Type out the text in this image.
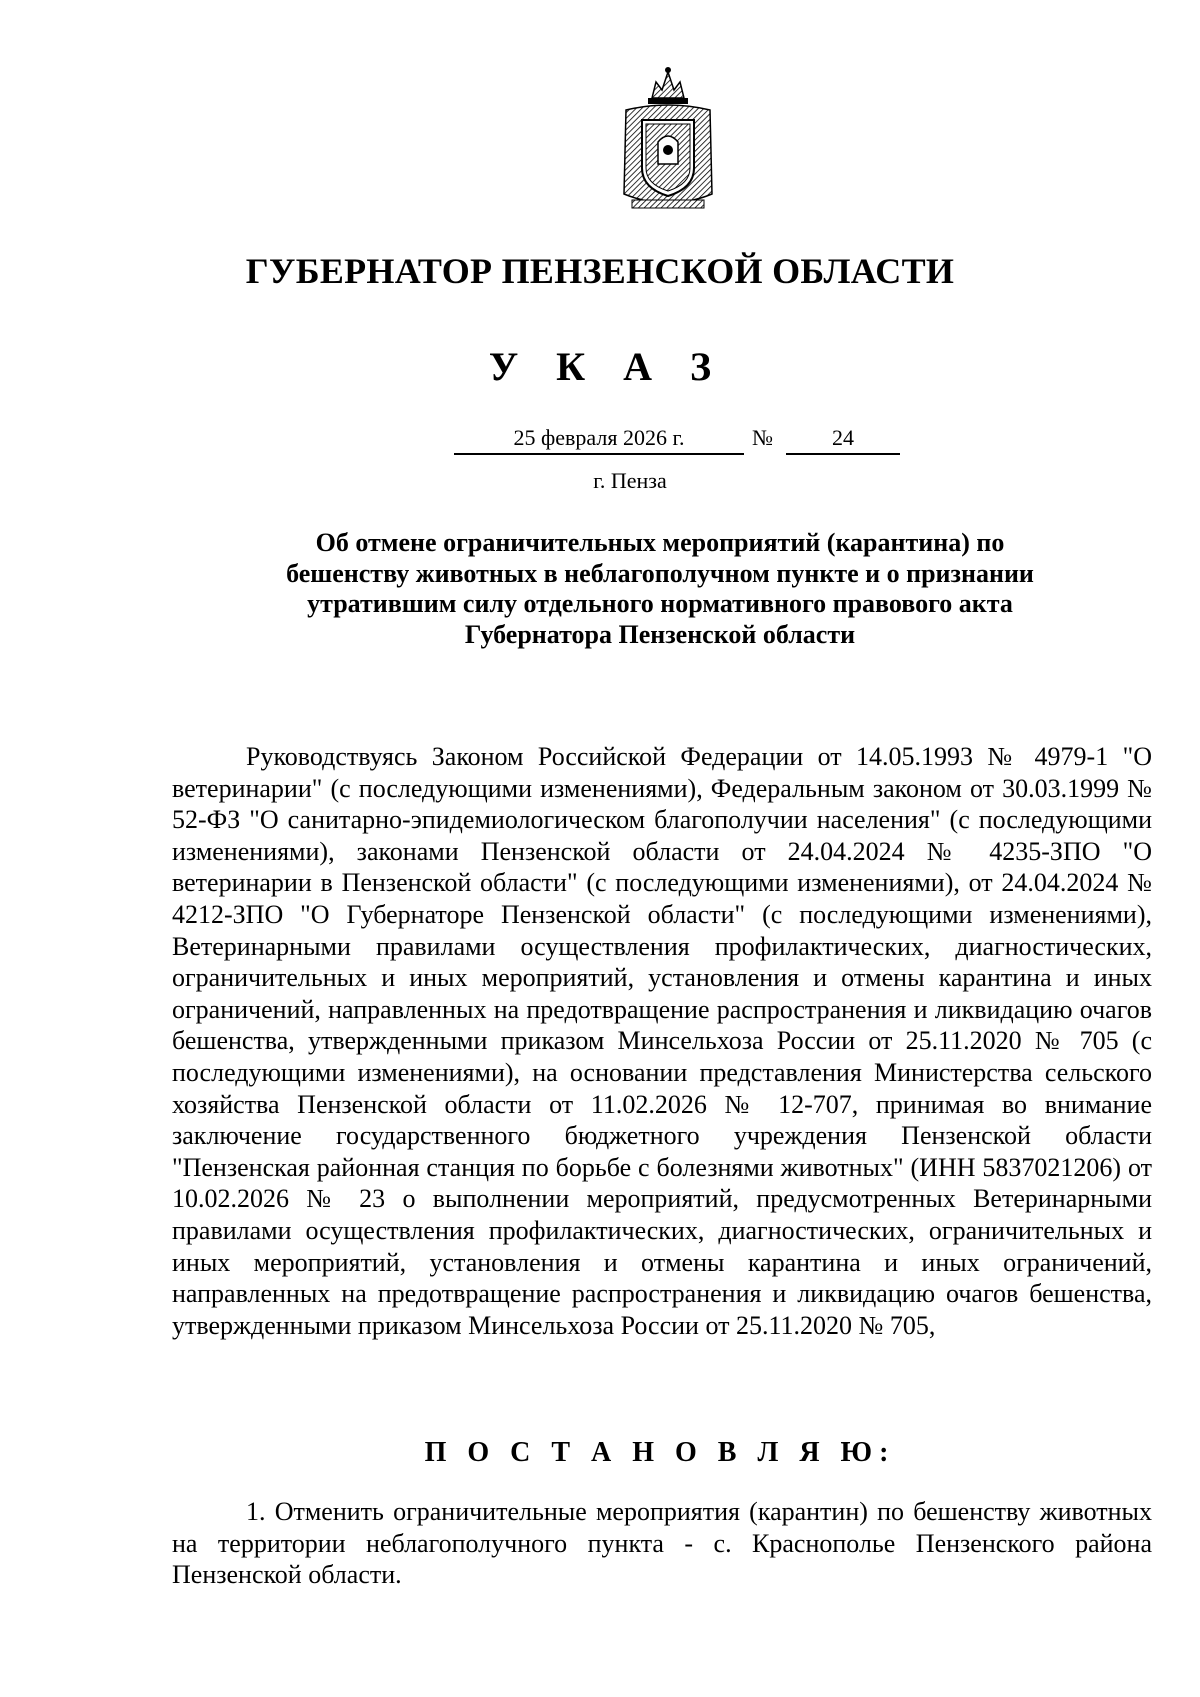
ГУБЕРНАТОР ПЕНЗЕНСКОЙ ОБЛАСТИ
У К А З
25 февраля 2026 г.	№	24
г. Пенза
Об отмене ограничительных мероприятий (карантина) по бешенству животных в неблагополучном пункте и о признании утратившим силу отдельного нормативного правового акта Губернатора Пензенской области

Руководствуясь Законом Российской Федерации от 14.05.1993 № 4979-1 "О ветеринарии" (с последующими изменениями), Федеральным законом от 30.03.1999 № 52-ФЗ "О санитарно-эпидемиологическом благополучии населения" (с последующими изменениями), законами Пензенской области от 24.04.2024 № 4235-ЗПО "О ветеринарии в Пензенской области" (с последующими изменениями), от 24.04.2024 № 4212-ЗПО "О Губернаторе Пензенской области" (с последующими изменениями), Ветеринарными правилами осуществления профилактических, диагностических, ограничительных и иных мероприятий, установления и отмены карантина и иных ограничений, направленных на предотвращение распространения и ликвидацию очагов бешенства, утвержденными приказом Минсельхоза России от 25.11.2020 № 705 (с последующими изменениями), на основании представления Министерства сельского хозяйства Пензенской области от 11.02.2026 № 12-707, принимая во внимание заключение государственного бюджетного учреждения Пензенской области "Пензенская районная станция по борьбе с болезнями животных" (ИНН 5837021206) от 10.02.2026 № 23 о выполнении мероприятий, предусмотренных Ветеринарными правилами осуществления профилактических, диагностических, ограничительных и иных мероприятий, установления и отмены карантина и иных ограничений, направленных на предотвращение распространения и ликвидацию очагов бешенства, утвержденными приказом Минсельхоза России от 25.11.2020 № 705,

П О С Т А Н О В Л Я Ю:

1. Отменить ограничительные мероприятия (карантин) по бешенству животных на территории неблагополучного пункта - с. Краснополье Пензенского района Пензенской области.
